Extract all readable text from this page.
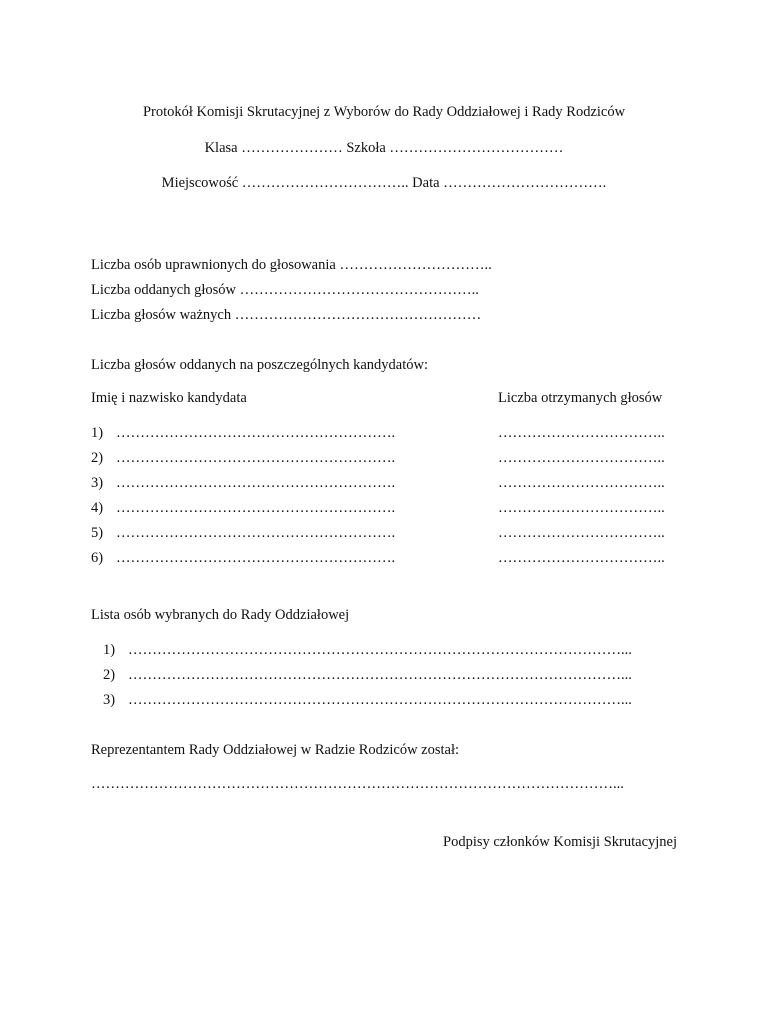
Protokół Komisji Skrutacyjnej z Wyborów do Rady Oddziałowej i Rady Rodziców
Klasa ………………… Szkoła ………………………………
Miejscowość …………………………….. Data …………………………….
Liczba osób uprawnionych do głosowania …………………………..
Liczba oddanych głosów …………………………………………..
Liczba głosów ważnych ……………………………………………
Liczba głosów oddanych na poszczególnych kandydatów:
Imię i nazwisko kandydata	Liczba otrzymanych głosów
1) ………………………………………………….	……………………………..
2) ………………………………………………….	……………………………..
3) ………………………………………………….	……………………………..
4) ………………………………………………….	……………………………..
5) ………………………………………………….	……………………………..
6) ………………………………………………….	……………………………..
Lista osób wybranych do Rady Oddziałowej
1) …………………………………………………………………………………………...
2) …………………………………………………………………………………………...
3) …………………………………………………………………………………………...
Reprezentantem Rady Oddziałowej w Radzie Rodziców został:
………………………………………………………………………………………………...
Podpisy członków Komisji Skrutacyjnej
